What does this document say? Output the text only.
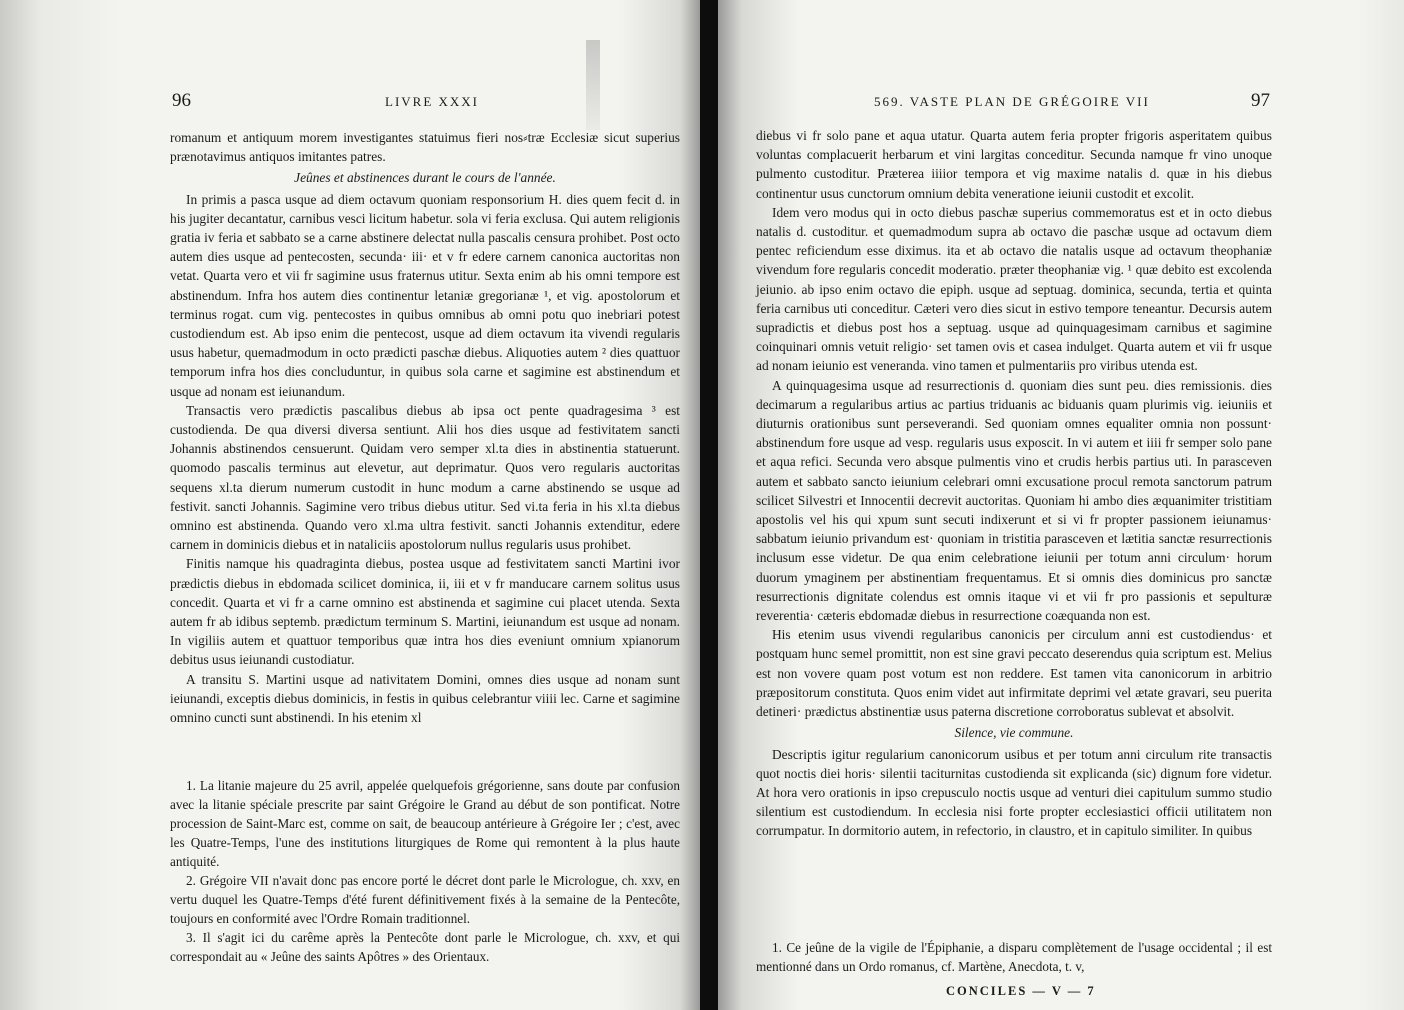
96	LIVRE XXXI

romanum et antiquum morem investigantes statuimus fieri nos⸗træ Ecclesiæ sicut superius prænotavimus antiquos imitantes patres.

Jeûnes et abstinences durant le cours de l'année.

In primis a pasca usque ad diem octavum quoniam responsorium H. dies quem fecit d. in his jugiter decantatur, carnibus vesci licitum habetur. sola vi feria exclusa. Qui autem religionis gratia iv feria et sabbato se a carne abstinere delectat nulla pascalis censura prohibet. Post octo autem dies usque ad pentecosten, secunda· iii· et v fr edere carnem canonica auctoritas non vetat. Quarta vero et vii fr sagimine usus fraternus utitur. Sexta enim ab his omni tempore est abstinendum. Infra hos autem dies continentur letaniæ gregorianæ ¹, et vig. apostolorum et terminus rogat. cum vig. pentecostes in quibus omnibus ab omni potu quo inebriari potest custodiendum est. Ab ipso enim die pentecost, usque ad diem octavum ita vivendi regularis usus habetur, quemadmodum in octo prædicti paschæ diebus. Aliquoties autem ² dies quattuor temporum infra hos dies concluduntur, in quibus sola carne et sagimine est abstinendum et usque ad nonam est ieiunandum.

Transactis vero prædictis pascalibus diebus ab ipsa oct pente quadragesima ³ est custodienda. De qua diversi diversa sentiunt. Alii hos dies usque ad festivitatem sancti Johannis abstinendos censuerunt. Quidam vero semper xl.ta dies in abstinentia statuerunt. quomodo pascalis terminus aut elevetur, aut deprimatur. Quos vero regularis auctoritas sequens xl.ta dierum numerum custodit in hunc modum a carne abstinendo se usque ad festivit. sancti Johannis. Sagimine vero tribus diebus utitur. Sed vi.ta feria in his xl.ta diebus omnino est abstinenda. Quando vero xl.ma ultra festivit. sancti Johannis extenditur, edere carnem in dominicis diebus et in nataliciis apostolorum nullus regularis usus prohibet.

Finitis namque his quadraginta diebus, postea usque ad festivitatem sancti Martini ivor prædictis diebus in ebdomada scilicet dominica, ii, iii et v fr manducare carnem solitus usus concedit. Quarta et vi fr a carne omnino est abstinenda et sagimine cui placet utenda. Sexta autem fr ab idibus septemb. prædictum terminum S. Martini, ieiunandum est usque ad nonam. In vigiliis autem et quattuor temporibus quæ intra hos dies eveniunt omnium xpianorum debitus usus ieiunandi custodiatur.

A transitu S. Martini usque ad nativitatem Domini, omnes dies usque ad nonam sunt ieiunandi, exceptis diebus dominicis, in festis in quibus celebrantur viiii lec. Carne et sagimine omnino cuncti sunt abstinendi. In his etenim xl

1. La litanie majeure du 25 avril, appelée quelquefois grégorienne, sans doute par confusion avec la litanie spéciale prescrite par saint Grégoire le Grand au début de son pontificat. Notre procession de Saint-Marc est, comme on sait, de beaucoup antérieure à Grégoire Ier ; c'est, avec les Quatre-Temps, l'une des institutions liturgiques de Rome qui remontent à la plus haute antiquité.

2. Grégoire VII n'avait donc pas encore porté le décret dont parle le Micrologue, ch. xxv, en vertu duquel les Quatre-Temps d'été furent définitivement fixés à la semaine de la Pentecôte, toujours en conformité avec l'Ordre Romain traditionnel.

3. Il s'agit ici du carême après la Pentecôte dont parle le Micrologue, ch. xxv, et qui correspondait au « Jeûne des saints Apôtres » des Orientaux.

569. VASTE PLAN DE GRÉGOIRE VII	97

diebus vi fr solo pane et aqua utatur. Quarta autem feria propter frigoris asperitatem quibus voluntas complacuerit herbarum et vini largitas conceditur. Secunda namque fr vino unoque pulmento custoditur. Præterea iiiior tempora et vig maxime natalis d. quæ in his diebus continentur usus cunctorum omnium debita veneratione ieiunii custodit et excolit.

Idem vero modus qui in octo diebus paschæ superius commemoratus est et in octo diebus natalis d. custoditur. et quemadmodum supra ab octavo die paschæ usque ad octavum diem pentec reficiendum esse diximus. ita et ab octavo die natalis usque ad octavum theophaniæ vivendum fore regularis concedit moderatio. præter theophaniæ vig. ¹ quæ debito est excolenda jeiunio. ab ipso enim octavo die epiph. usque ad septuag. dominica, secunda, tertia et quinta feria carnibus uti conceditur. Cæteri vero dies sicut in estivo tempore teneantur. Decursis autem supradictis et diebus post hos a septuag. usque ad quinquagesimam carnibus et sagimine coinquinari omnis vetuit religio· set tamen ovis et casea indulget. Quarta autem et vii fr usque ad nonam ieiunio est veneranda. vino tamen et pulmentariis pro viribus utenda est.

A quinquagesima usque ad resurrectionis d. quoniam dies sunt peu. dies remissionis. dies decimarum a regularibus artius ac partius triduanis ac biduanis quam plurimis vig. ieiuniis et diuturnis orationibus sunt perseverandi. Sed quoniam omnes equaliter omnia non possunt· abstinendum fore usque ad vesp. regularis usus exposcit. In vi autem et iiii fr semper solo pane et aqua refici. Secunda vero absque pulmentis vino et crudis herbis partius uti. In parasceven autem et sabbato sancto ieiunium celebrari omni excusatione procul remota sanctorum patrum scilicet Silvestri et Innocentii decrevit auctoritas. Quoniam hi ambo dies æquanimiter tristitiam apostolis vel his qui xpum sunt secuti indixerunt et si vi fr propter passionem ieiunamus· sabbatum ieiunio privandum est· quoniam in tristitia parasceven et lætitia sanctæ resurrectionis inclusum esse videtur. De qua enim celebratione ieiunii per totum anni circulum· horum duorum ymaginem per abstinentiam frequentamus. Et si omnis dies dominicus pro sanctæ resurrectionis dignitate colendus est omnis itaque vi et vii fr pro passionis et sepulturæ reverentia· cæteris ebdomadæ diebus in resurrectione coæquanda non est.

His etenim usus vivendi regularibus canonicis per circulum anni est custodiendus· et postquam hunc semel promittit, non est sine gravi peccato deserendus quia scriptum est. Melius est non vovere quam post votum est non reddere. Est tamen vita canonicorum in arbitrio præpositorum constituta. Quos enim videt aut infirmitate deprimi vel ætate gravari, seu puerita detineri· prædictus abstinentiæ usus paterna discretione corroboratus sublevat et absolvit.

Silence, vie commune.

Descriptis igitur regularium canonicorum usibus et per totum anni circulum rite transactis quot noctis diei horis· silentii taciturnitas custodienda sit explicanda (sic) dignum fore videtur. At hora vero orationis in ipso crepusculo noctis usque ad venturi diei capitulum summo studio silentium est custodiendum. In ecclesia nisi forte propter ecclesiastici officii utilitatem non corrumpatur. In dormitorio autem, in refectorio, in claustro, et in capitulo similiter. In quibus

1. Ce jeûne de la vigile de l'Épiphanie, a disparu complètement de l'usage occidental ; il est mentionné dans un Ordo romanus, cf. Martène, Anecdota, t. v,

CONCILES — V — 7
